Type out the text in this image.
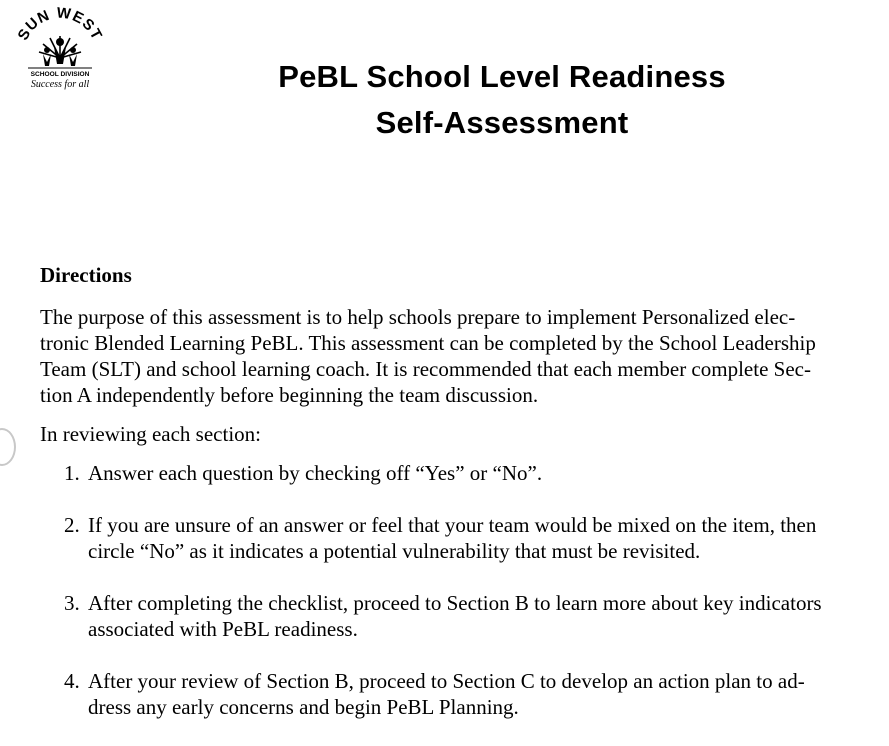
SUN WEST
SCHOOL DIVISION
Success for all	PeBL School Level Readiness
Self-Assessment
Directions
The purpose of this assessment is to help schools prepare to implement Personalized elec-
tronic Blended Learning PeBL. This assessment can be completed by the School Leadership
Team (SLT) and school learning coach. It is recommended that each member complete Sec-
tion A independently before beginning the team discussion.
In reviewing each section:
1. Answer each question by checking off “Yes” or “No”.
2. If you are unsure of an answer or feel that your team would be mixed on the item, then
circle “No” as it indicates a potential vulnerability that must be revisited.
3. After completing the checklist, proceed to Section B to learn more about key indicators
associated with PeBL readiness.
4. After your review of Section B, proceed to Section C to develop an action plan to ad-
dress any early concerns and begin PeBL Planning.
